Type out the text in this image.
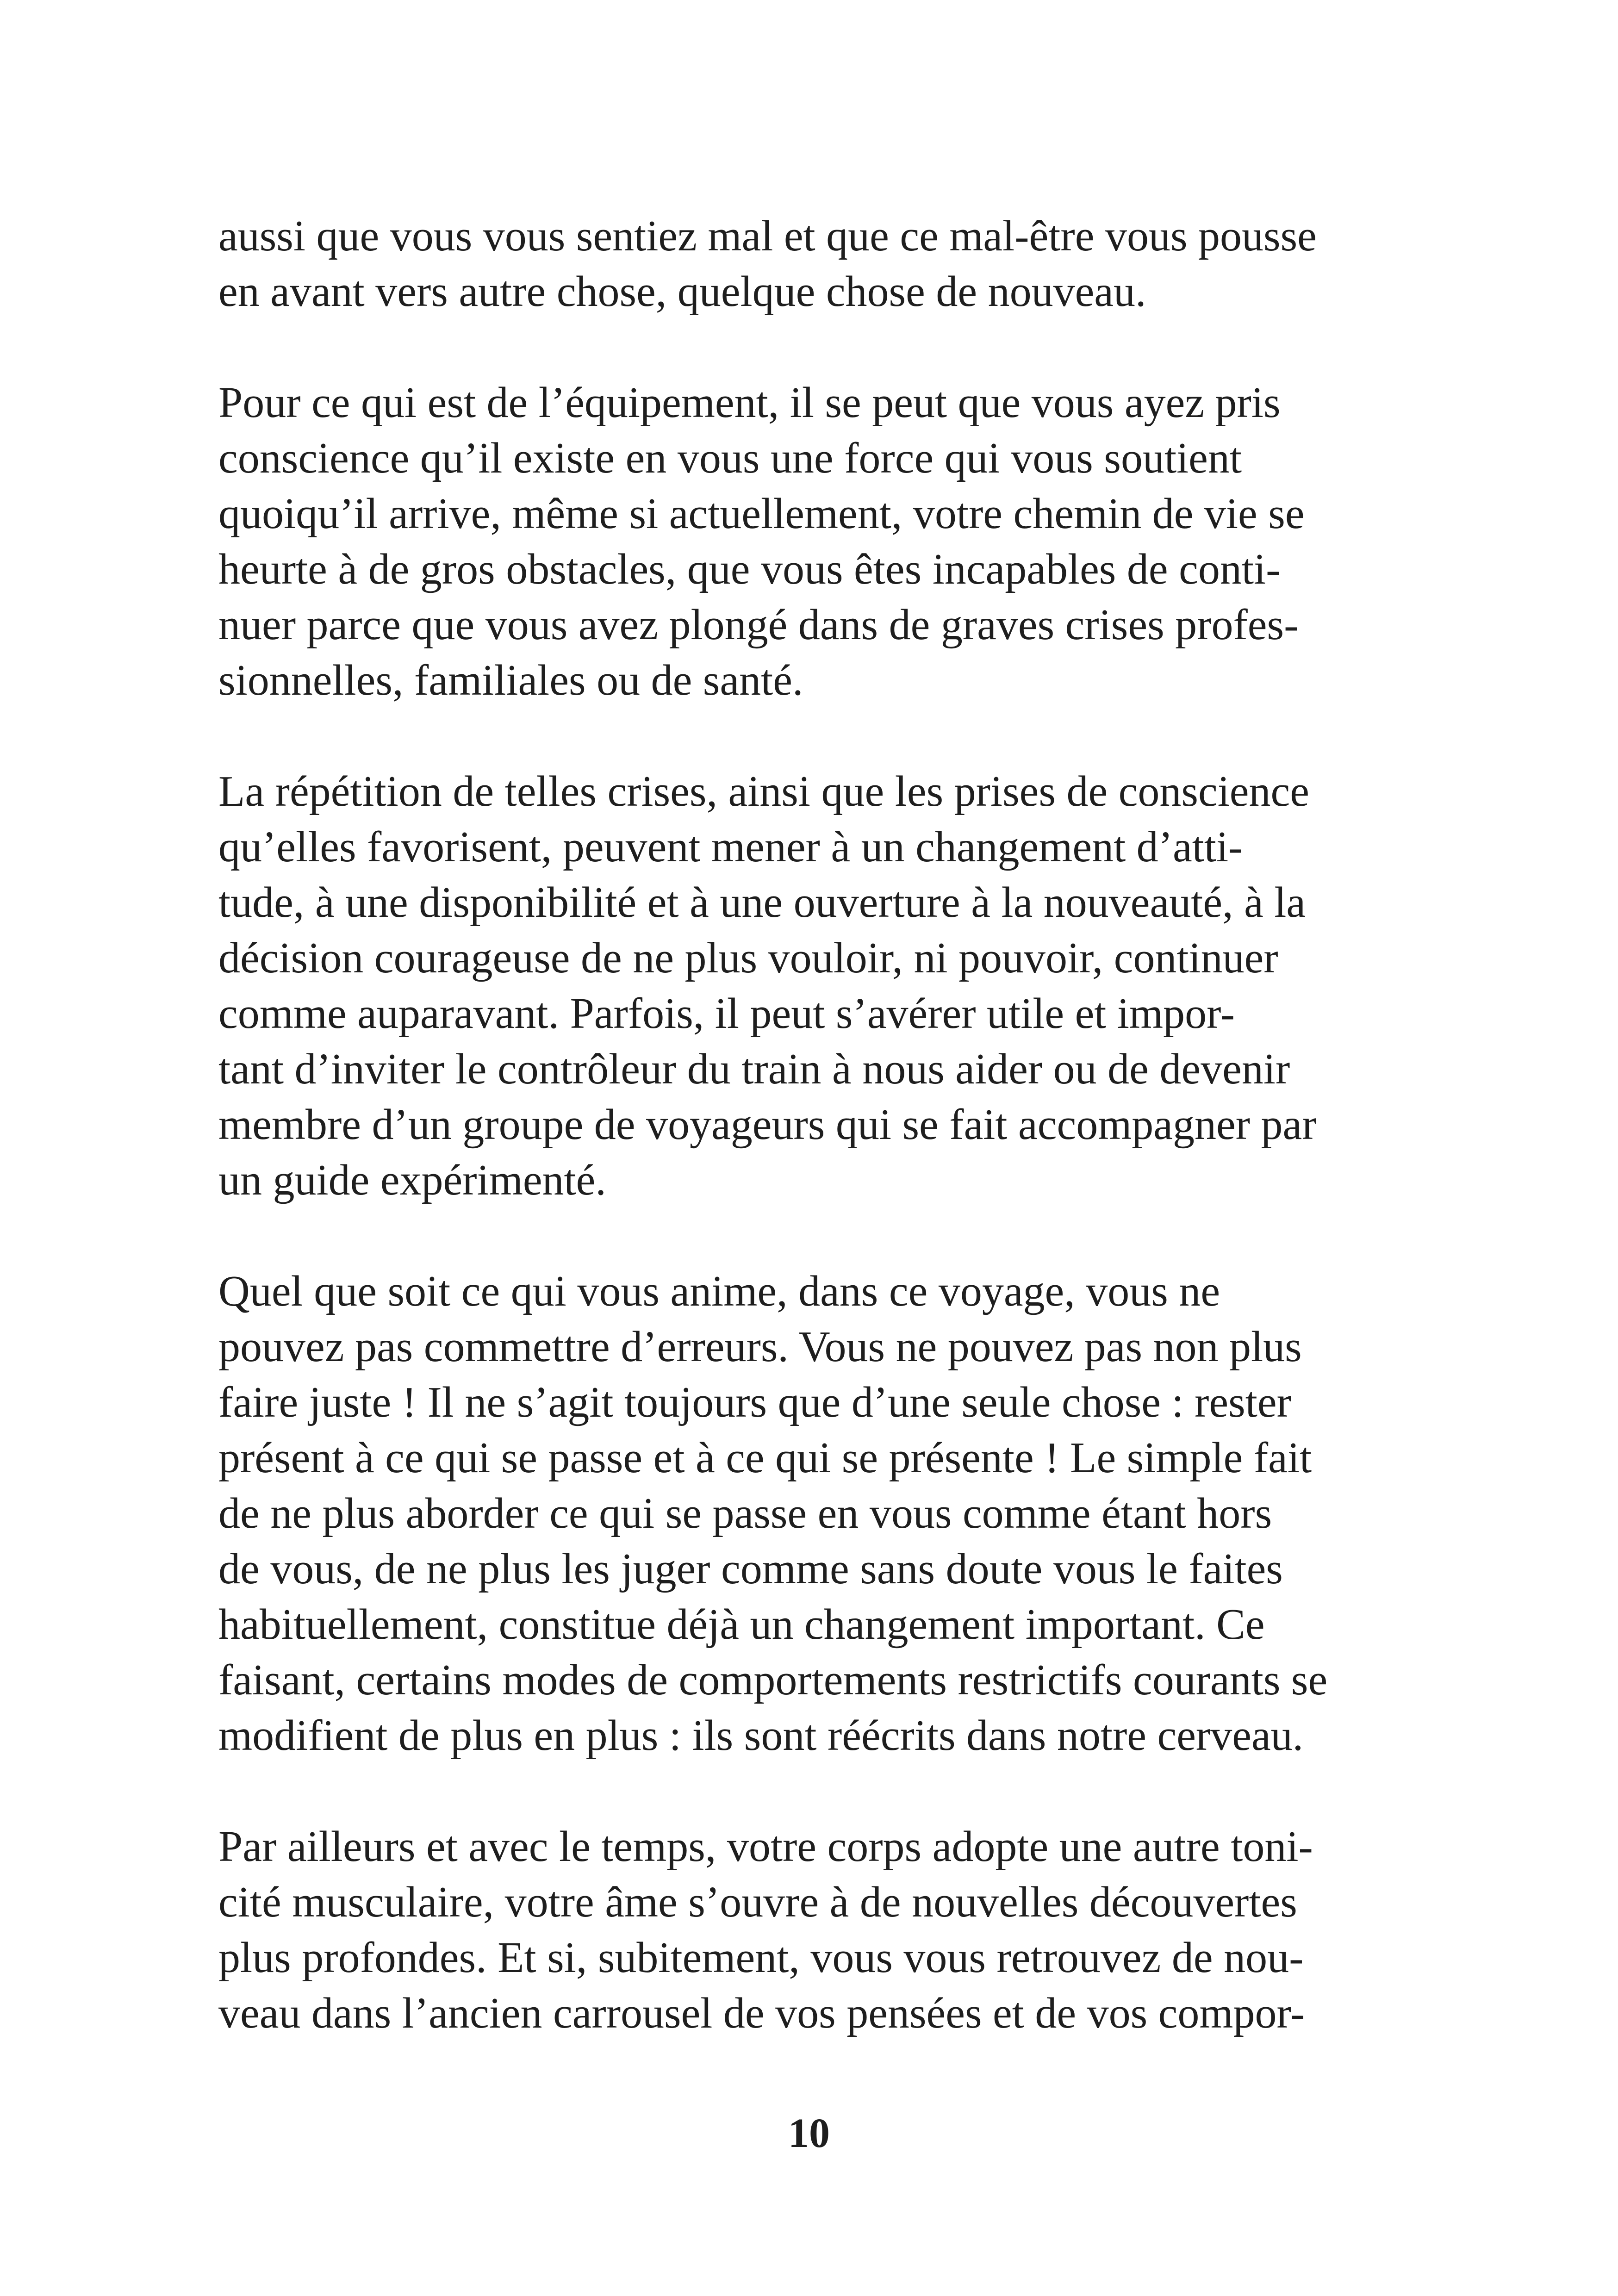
aussi que vous vous sentiez mal et que ce mal-être vous pousse
en avant vers autre chose, quelque chose de nouveau.

Pour ce qui est de l’équipement, il se peut que vous ayez pris
conscience qu’il existe en vous une force qui vous soutient
quoiqu’il arrive, même si actuellement, votre chemin de vie se
heurte à de gros obstacles, que vous êtes incapables de conti-
nuer parce que vous avez plongé dans de graves crises profes-
sionnelles, familiales ou de santé.

La répétition de telles crises, ainsi que les prises de conscience
qu’elles favorisent, peuvent mener à un changement d’atti-
tude, à une disponibilité et à une ouverture à la nouveauté, à la
décision courageuse de ne plus vouloir, ni pouvoir, continuer
comme auparavant. Parfois, il peut s’avérer utile et impor-
tant d’inviter le contrôleur du train à nous aider ou de devenir
membre d’un groupe de voyageurs qui se fait accompagner par
un guide expérimenté.

Quel que soit ce qui vous anime, dans ce voyage, vous ne
pouvez pas commettre d’erreurs. Vous ne pouvez pas non plus
faire juste ! Il ne s’agit toujours que d’une seule chose : rester
présent à ce qui se passe et à ce qui se présente ! Le simple fait
de ne plus aborder ce qui se passe en vous comme étant hors
de vous, de ne plus les juger comme sans doute vous le faites
habituellement, constitue déjà un changement important. Ce
faisant, certains modes de comportements restrictifs courants se
modifient de plus en plus : ils sont réécrits dans notre cerveau.

Par ailleurs et avec le temps, votre corps adopte une autre toni-
cité musculaire, votre âme s’ouvre à de nouvelles découvertes
plus profondes. Et si, subitement, vous vous retrouvez de nou-
veau dans l’ancien carrousel de vos pensées et de vos compor-

10
